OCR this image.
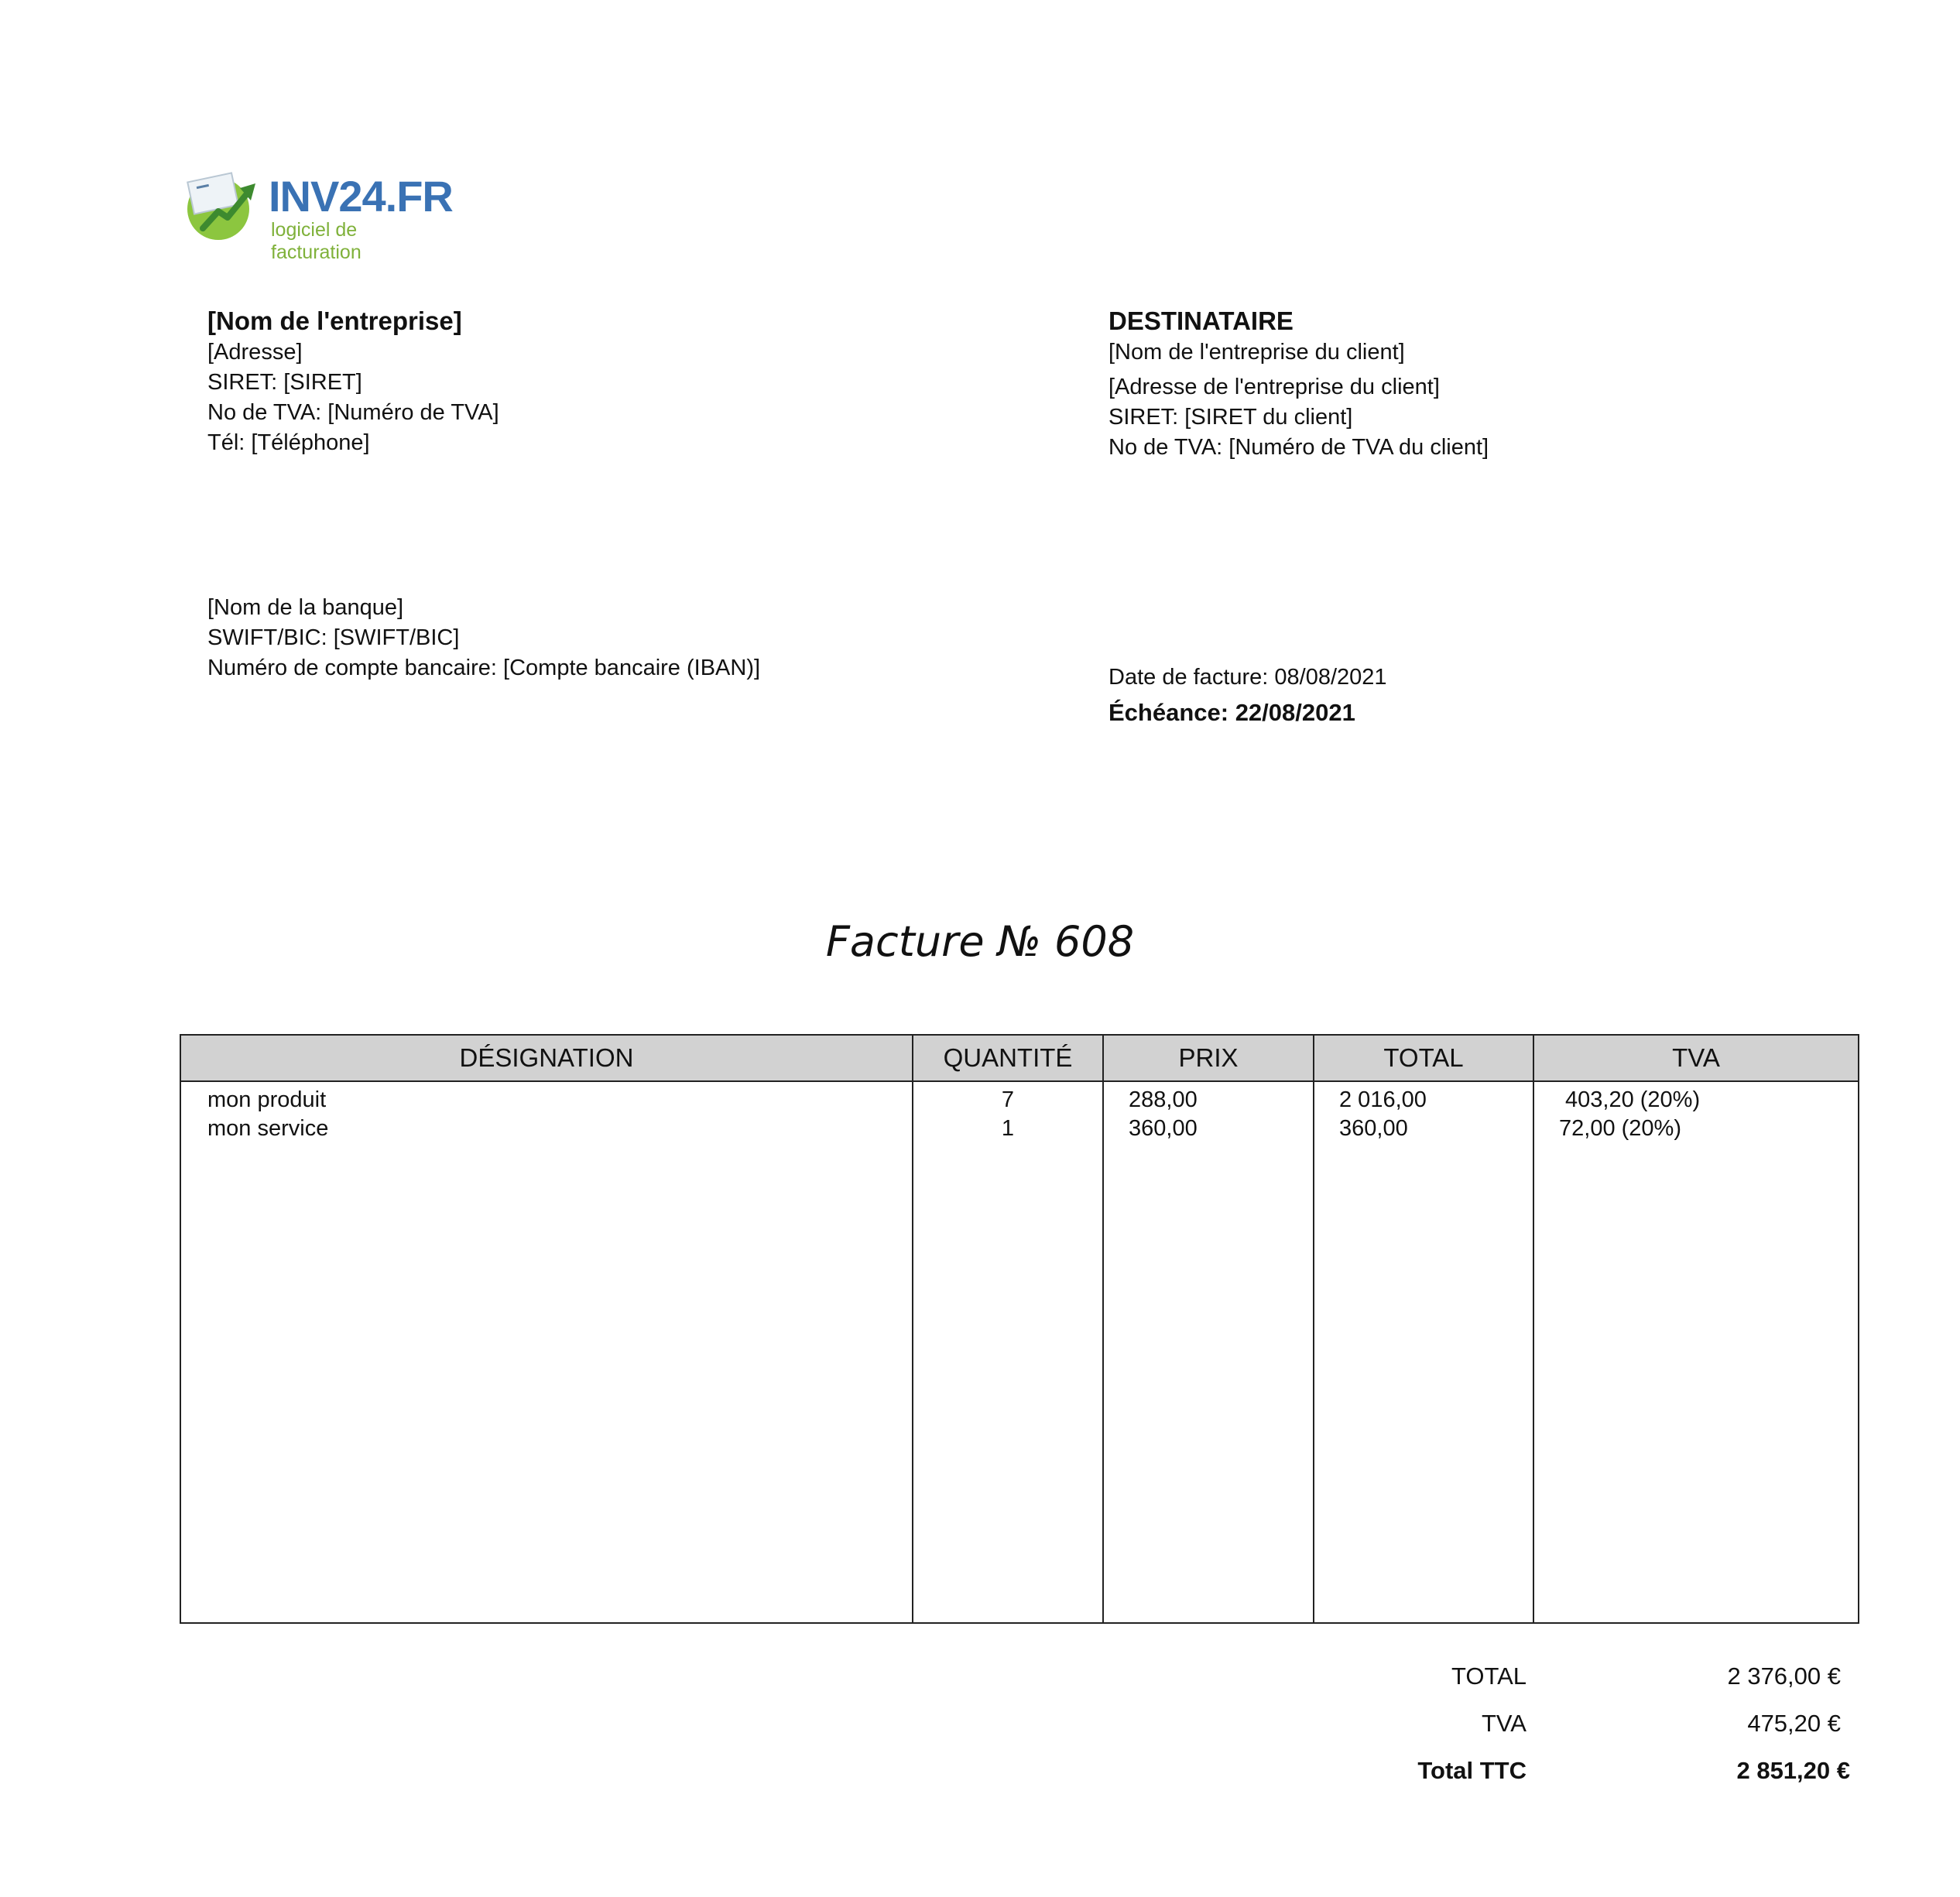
INV24.FR
logiciel de facturation
[Nom de l'entreprise]
[Adresse]
SIRET: [SIRET]
No de TVA: [Numéro de TVA]
Tél: [Téléphone]
DESTINATAIRE
[Nom de l'entreprise du client]
[Adresse de l'entreprise du client]
SIRET: [SIRET du client]
No de TVA: [Numéro de TVA du client]
[Nom de la banque]
SWIFT/BIC: [SWIFT/BIC]
Numéro de compte bancaire: [Compte bancaire (IBAN)]	Date de facture: 08/08/2021
Échéance: 22/08/2021
Facture № 608
DÉSIGNATION	QUANTITÉ	PRIX	TOTAL	TVA
mon produit	7	288,00	2 016,00	403,20 (20%)
mon service	1	360,00	360,00	72,00 (20%)
TOTAL	2 376,00 €
TVA	475,20 €
Total TTC	2 851,20 €
